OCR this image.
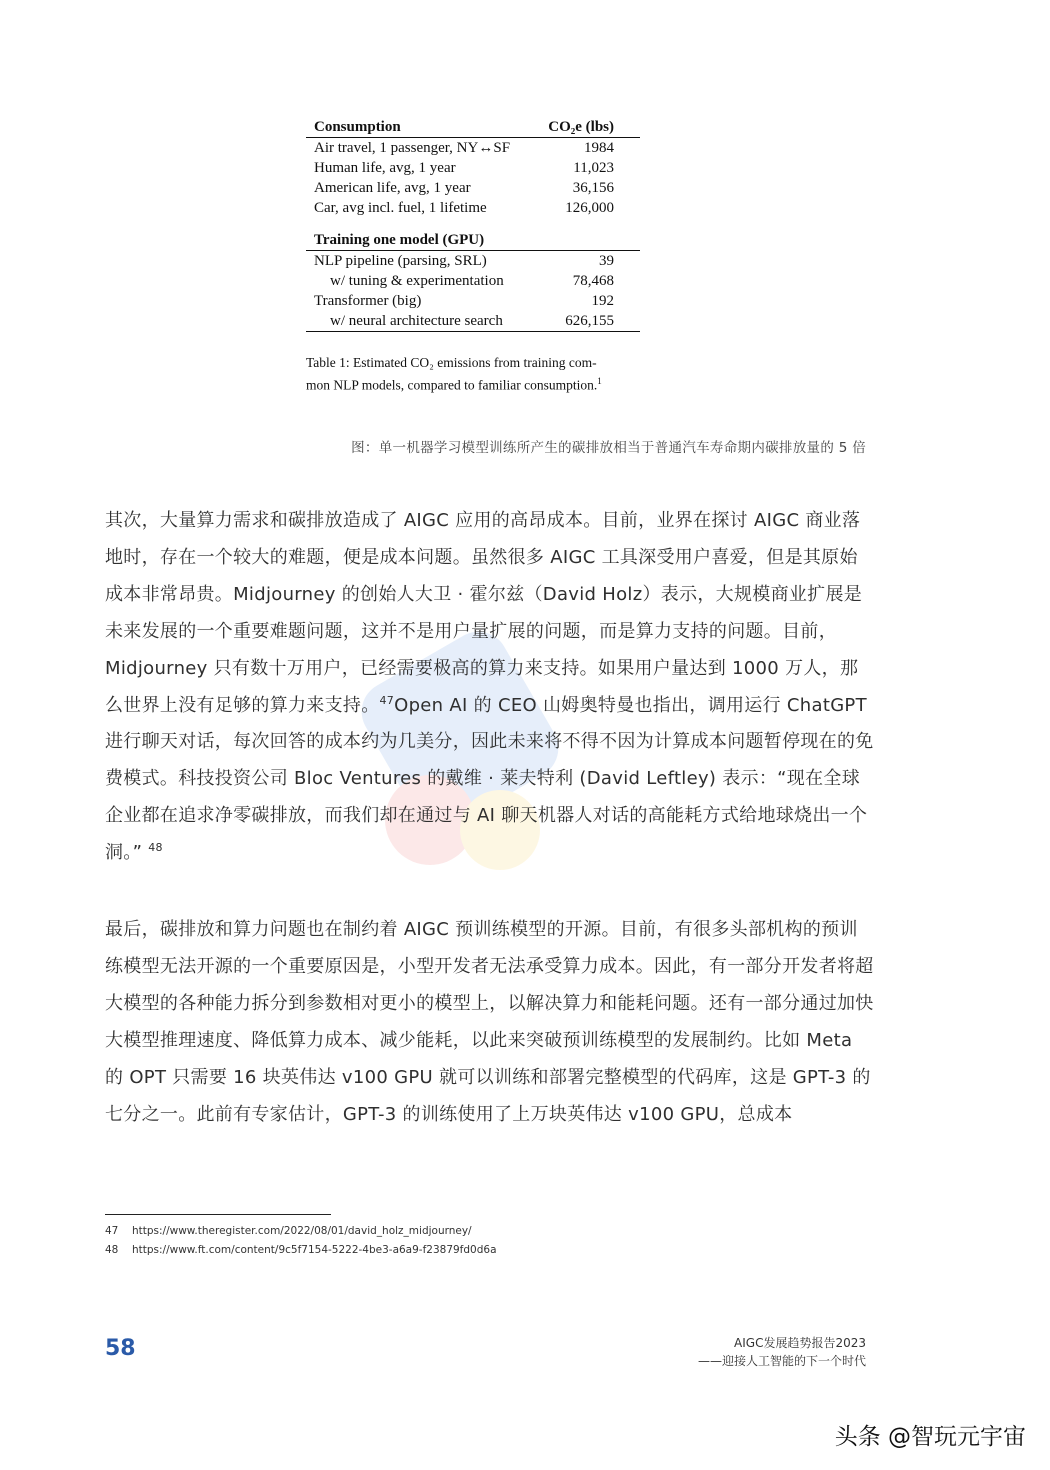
Consumption	CO₂e (lbs)
Air travel, 1 passenger, NY↔SF	1984
Human life, avg, 1 year	11,023
American life, avg, 1 year	36,156
Car, avg incl. fuel, 1 lifetime	126,000
Training one model (GPU)	
NLP pipeline (parsing, SRL)	39
w/ tuning & experimentation	78,468
Transformer (big)	192
w/ neural architecture search	626,155
Table 1: Estimated CO₂ emissions from training com-
mon NLP models, compared to familiar consumption.$^1$
图：单一机器学习模型训练所产生的碳排放相当于普通汽车寿命期内碳排放量的 5 倍
其次，大量算力需求和碳排放造成了 AIGC 应用的高昂成本。目前，业界在探讨 AIGC 商业落地时，存在一个较大的难题，便是成本问题。虽然很多 AIGC 工具深受用户喜爱，但是其原始成本非常昂贵。Midjourney 的创始人大卫 · 霍尔兹（David Holz）表示，大规模商业扩展是未来发展的一个重要难题问题，这并不是用户量扩展的问题，而是算力支持的问题。目前，Midjourney 只有数十万用户，已经需要极高的算力来支持。如果用户量达到 1000 万人，那么世界上没有足够的算力来支持。$^{47}$Open AI 的 CEO 山姆奥特曼也指出，调用运行 ChatGPT 进行聊天对话，每次回答的成本约为几美分，因此未来将不得不因为计算成本问题暂停现在的免费模式。科技投资公司 Bloc Ventures 的戴维 · 莱夫特利 (David Leftley) 表示：“现在全球企业都在追求净零碳排放，而我们却在通过与 AI 聊天机器人对话的高能耗方式给地球烧出一个洞。” $^{48}$
最后，碳排放和算力问题也在制约着 AIGC 预训练模型的开源。目前，有很多头部机构的预训练模型无法开源的一个重要原因是，小型开发者无法承受算力成本。因此，有一部分开发者将超大模型的各种能力拆分到参数相对更小的模型上，以解决算力和能耗问题。还有一部分通过加快大模型推理速度、降低算力成本、减少能耗，以此来突破预训练模型的发展制约。比如 Meta 的 OPT 只需要 16 块英伟达 v100 GPU 就可以训练和部署完整模型的代码库，这是 GPT-3 的七分之一。此前有专家估计，GPT-3 的训练使用了上万块英伟达 v100 GPU，总成本
47 https://www.theregister.com/2022/08/01/david_holz_midjourney/
48 https://www.ft.com/content/9c5f7154-5222-4be3-a6a9-f23879fd0d6a
58	AIGC发展趋势报告2023
——迎接人工智能的下一个时代
头条 @智玩元宇宙
